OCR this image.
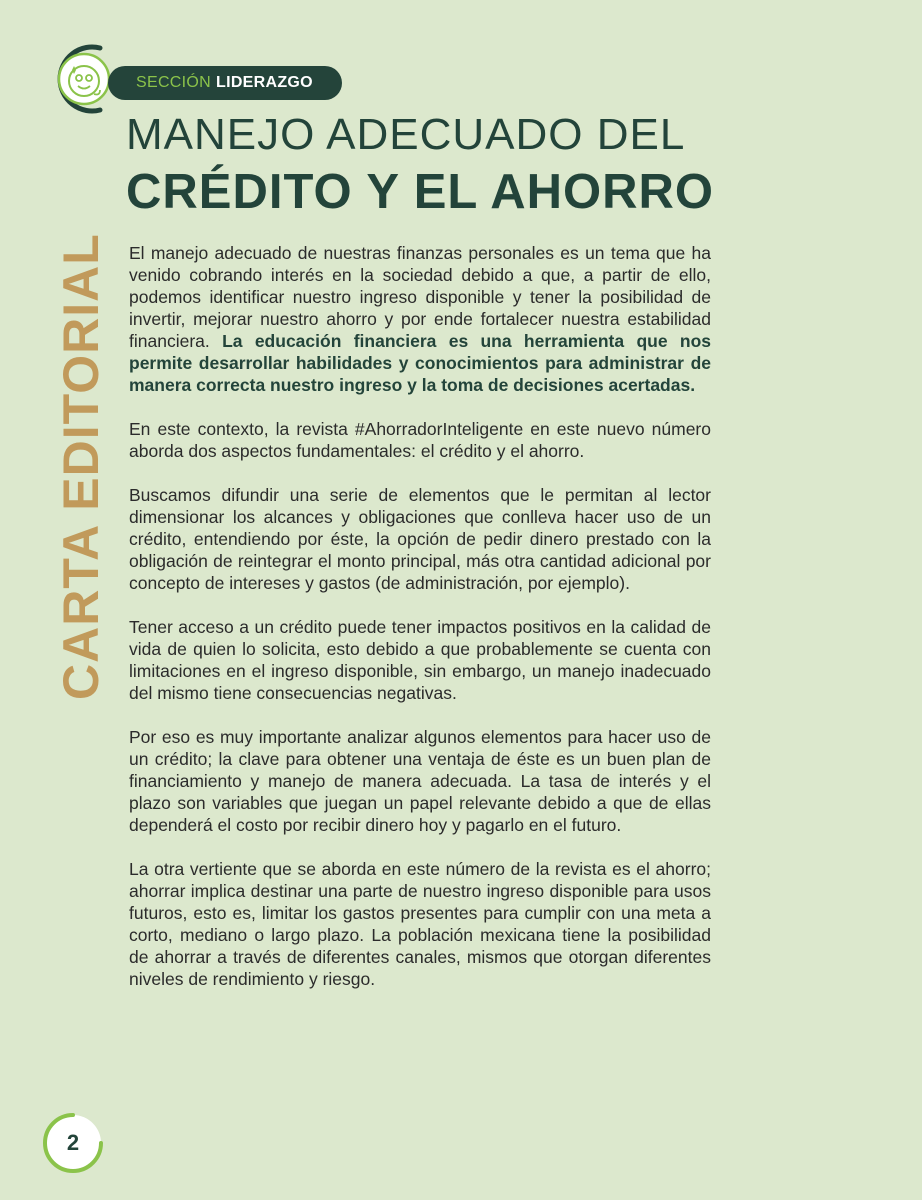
SECCIÓN LIDERAZGO
MANEJO ADECUADO DEL
CRÉDITO Y EL AHORRO
CARTA EDITORIAL El manejo adecuado de nuestras finanzas personales es un tema que ha venido cobrando interés en la sociedad debido a que, a partir de ello, podemos identificar nuestro ingreso disponible y tener la posibilidad de invertir, mejorar nuestro ahorro y por ende fortalecer nuestra estabilidad financiera. La educación financiera es una herramienta que nos permite desarrollar habilidades y conocimientos para administrar de manera correcta nuestro ingreso y la toma de decisiones acertadas.

En este contexto, la revista #AhorradorInteligente en este nuevo número aborda dos aspectos fundamentales: el crédito y el ahorro.

Buscamos difundir una serie de elementos que le permitan al lector dimensionar los alcances y obligaciones que conlleva hacer uso de un crédito, entendiendo por éste, la opción de pedir dinero prestado con la obligación de reintegrar el monto principal, más otra cantidad adicional por concepto de intereses y gastos (de administración, por ejemplo).

Tener acceso a un crédito puede tener impactos positivos en la calidad de vida de quien lo solicita, esto debido a que probablemente se cuenta con limitaciones en el ingreso disponible, sin embargo, un manejo inadecuado del mismo tiene consecuencias negativas.

Por eso es muy importante analizar algunos elementos para hacer uso de un crédito; la clave para obtener una ventaja de éste es un buen plan de financiamiento y manejo de manera adecuada. La tasa de interés y el plazo son variables que juegan un papel relevante debido a que de ellas dependerá el costo por recibir dinero hoy y pagarlo en el futuro.

La otra vertiente que se aborda en este número de la revista es el ahorro; ahorrar implica destinar una parte de nuestro ingreso disponible para usos futuros, esto es, limitar los gastos presentes para cumplir con una meta a corto, mediano o largo plazo. La población mexicana tiene la posibilidad de ahorrar a través de diferentes canales, mismos que otorgan diferentes niveles de rendimiento y riesgo.

2
